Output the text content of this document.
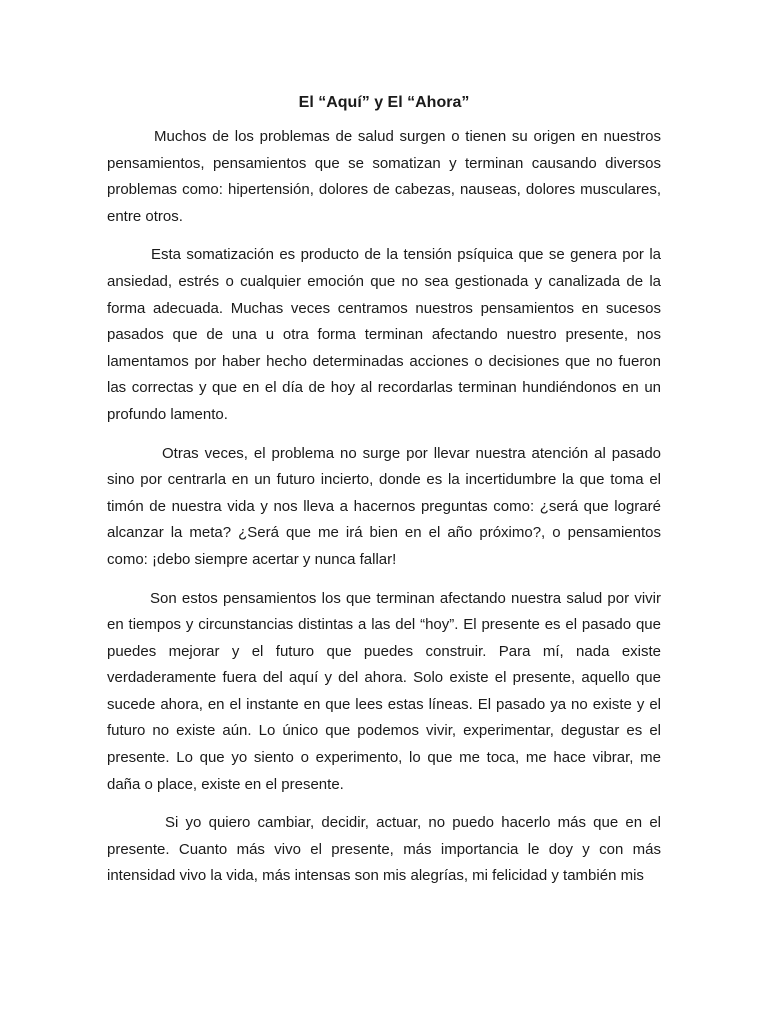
El “Aquí” y El “Ahora”

Muchos de los problemas de salud surgen o tienen su origen en nuestros pensamientos, pensamientos que se somatizan y terminan causando diversos problemas como: hipertensión, dolores de cabezas, nauseas, dolores musculares, entre otros.

Esta somatización es producto de la tensión psíquica que se genera por la ansiedad, estrés o cualquier emoción que no sea gestionada y canalizada de la forma adecuada. Muchas veces centramos nuestros pensamientos en sucesos pasados que de una u otra forma terminan afectando nuestro presente, nos lamentamos por haber hecho determinadas acciones o decisiones que no fueron las correctas y que en el día de hoy al recordarlas terminan hundiéndonos en un profundo lamento.

Otras veces, el problema no surge por llevar nuestra atención al pasado sino por centrarla en un futuro incierto, donde es la incertidumbre la que toma el timón de nuestra vida y nos lleva a hacernos preguntas como: ¿será que lograré alcanzar la meta? ¿Será que me irá bien en el año próximo?, o pensamientos como: ¡debo siempre acertar y nunca fallar!

Son estos pensamientos los que terminan afectando nuestra salud por vivir en tiempos y circunstancias distintas a las del “hoy”. El presente es el pasado que puedes mejorar y el futuro que puedes construir. Para mí, nada existe verdaderamente fuera del aquí y del ahora. Solo existe el presente, aquello que sucede ahora, en el instante en que lees estas líneas. El pasado ya no existe y el futuro no existe aún. Lo único que podemos vivir, experimentar, degustar es el presente. Lo que yo siento o experimento, lo que me toca, me hace vibrar, me daña o place, existe en el presente.

Si yo quiero cambiar, decidir, actuar, no puedo hacerlo más que en el presente. Cuanto más vivo el presente, más importancia le doy y con más intensidad vivo la vida, más intensas son mis alegrías, mi felicidad y también mis
